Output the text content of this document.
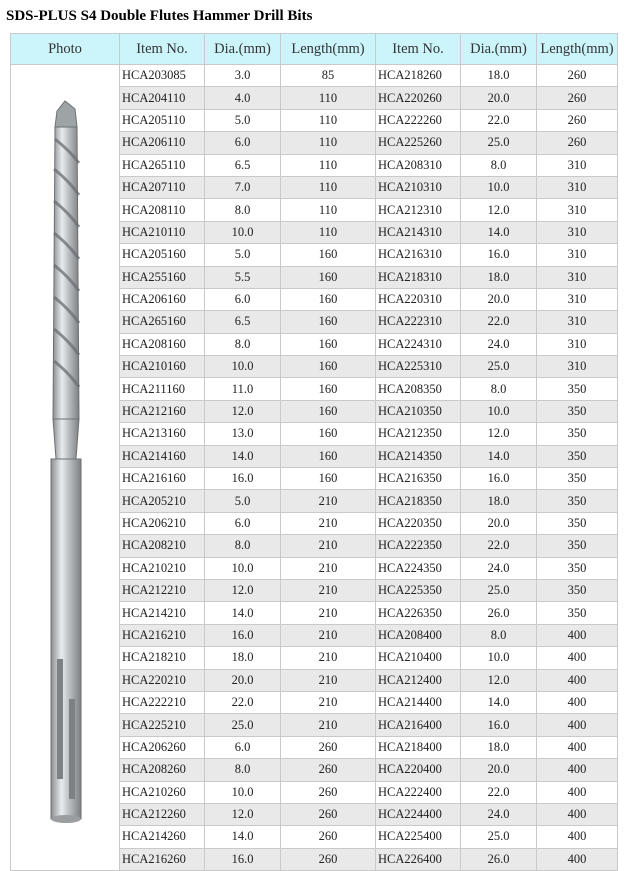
SDS-PLUS S4 Double Flutes Hammer Drill Bits
Photo	Item No.	Dia.(mm)	Length(mm)	Item No.	Dia.(mm)	Length(mm)

	HCA203085	3.0	85	HCA218260	18.0	260
	HCA204110	4.0	110	HCA220260	20.0	260
	HCA205110	5.0	110	HCA222260	22.0	260
	HCA206110	6.0	110	HCA225260	25.0	260
	HCA265110	6.5	110	HCA208310	8.0	310
	HCA207110	7.0	110	HCA210310	10.0	310
	HCA208110	8.0	110	HCA212310	12.0	310
	HCA210110	10.0	110	HCA214310	14.0	310
	HCA205160	5.0	160	HCA216310	16.0	310
	HCA255160	5.5	160	HCA218310	18.0	310
	HCA206160	6.0	160	HCA220310	20.0	310
	HCA265160	6.5	160	HCA222310	22.0	310
	HCA208160	8.0	160	HCA224310	24.0	310
	HCA210160	10.0	160	HCA225310	25.0	310
	HCA211160	11.0	160	HCA208350	8.0	350
	HCA212160	12.0	160	HCA210350	10.0	350
	HCA213160	13.0	160	HCA212350	12.0	350
	HCA214160	14.0	160	HCA214350	14.0	350
	HCA216160	16.0	160	HCA216350	16.0	350
	HCA205210	5.0	210	HCA218350	18.0	350
	HCA206210	6.0	210	HCA220350	20.0	350
	HCA208210	8.0	210	HCA222350	22.0	350
	HCA210210	10.0	210	HCA224350	24.0	350
	HCA212210	12.0	210	HCA225350	25.0	350
	HCA214210	14.0	210	HCA226350	26.0	350
	HCA216210	16.0	210	HCA208400	8.0	400
	HCA218210	18.0	210	HCA210400	10.0	400
	HCA220210	20.0	210	HCA212400	12.0	400
	HCA222210	22.0	210	HCA214400	14.0	400
	HCA225210	25.0	210	HCA216400	16.0	400
	HCA206260	6.0	260	HCA218400	18.0	400
	HCA208260	8.0	260	HCA220400	20.0	400
	HCA210260	10.0	260	HCA222400	22.0	400
	HCA212260	12.0	260	HCA224400	24.0	400
	HCA214260	14.0	260	HCA225400	25.0	400
	HCA216260	16.0	260	HCA226400	26.0	400
